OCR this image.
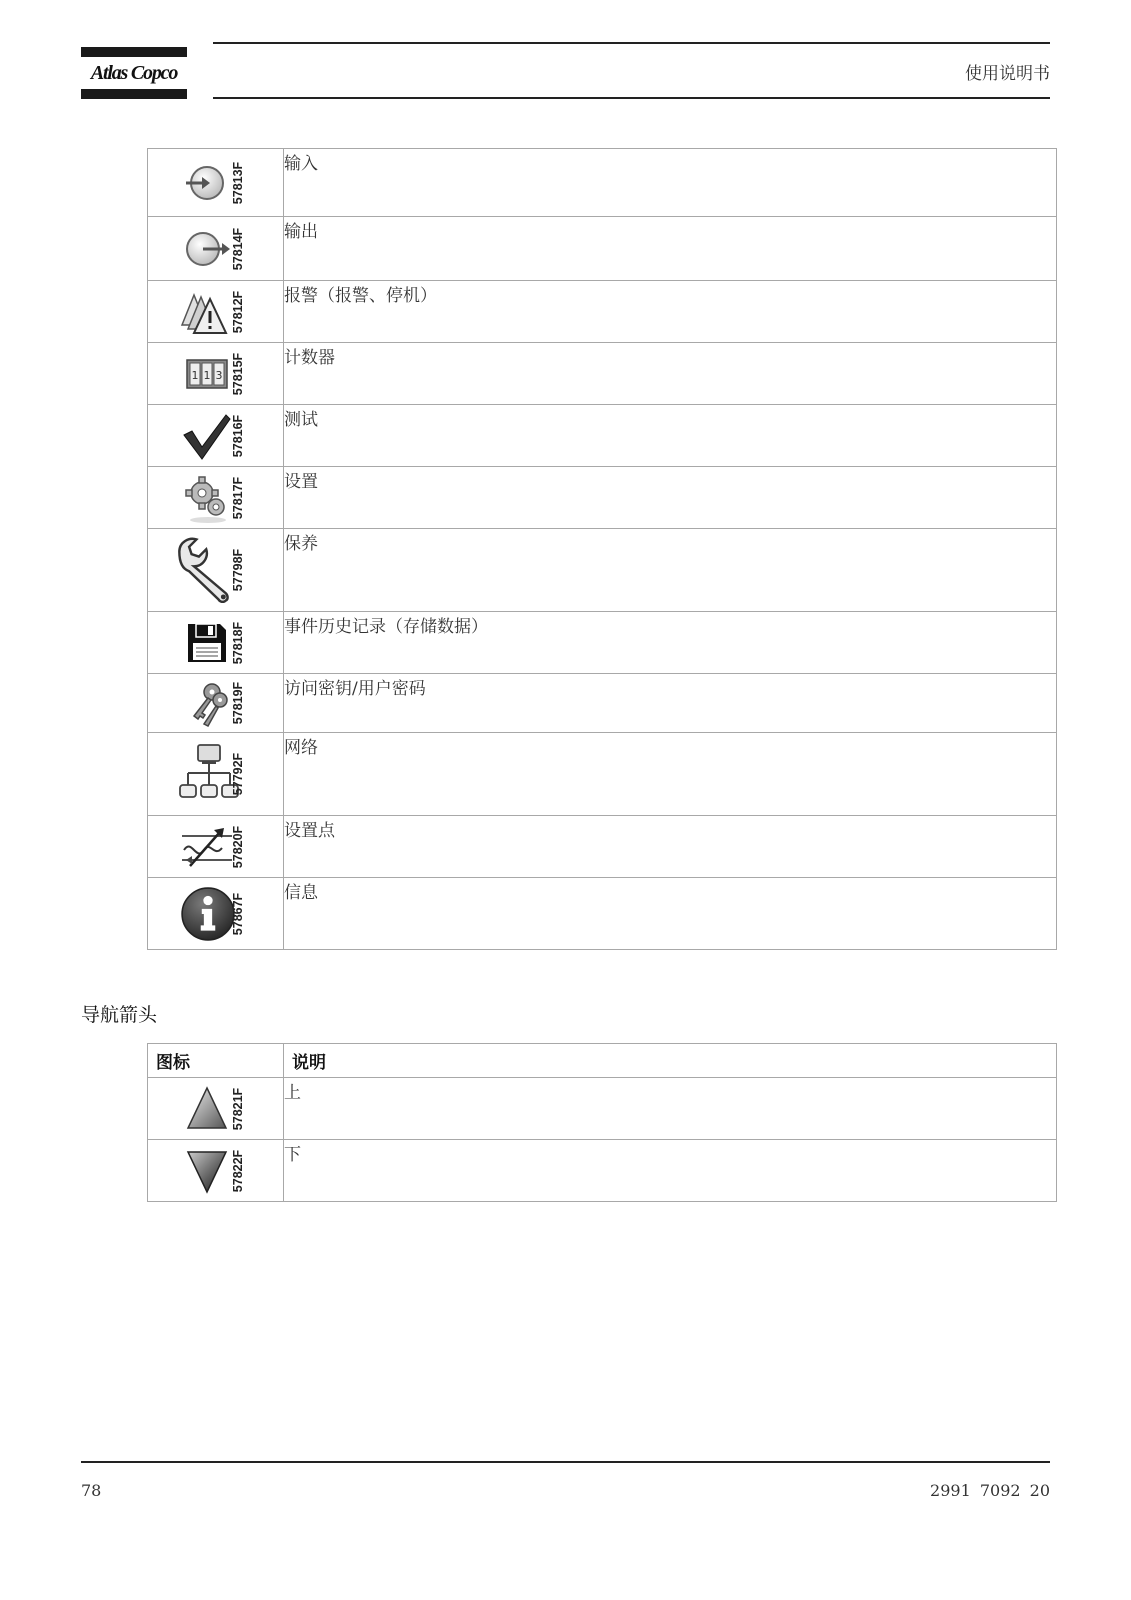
Atlas Copco	使用说明书
57813F	输入

57814F	输出

57812F	报警（报警、停机）

1 1 3 57815F	计数器

57816F	测试

57817F	设置

57798F	保养

57818F	事件历史记录（存储数据）

57819F	访问密钥/用户密码

57792F	网络

57820F	设置点

57867F	信息
导航箭头
图标	说明

57821F	上

57822F	下
78	2991 7092 20
